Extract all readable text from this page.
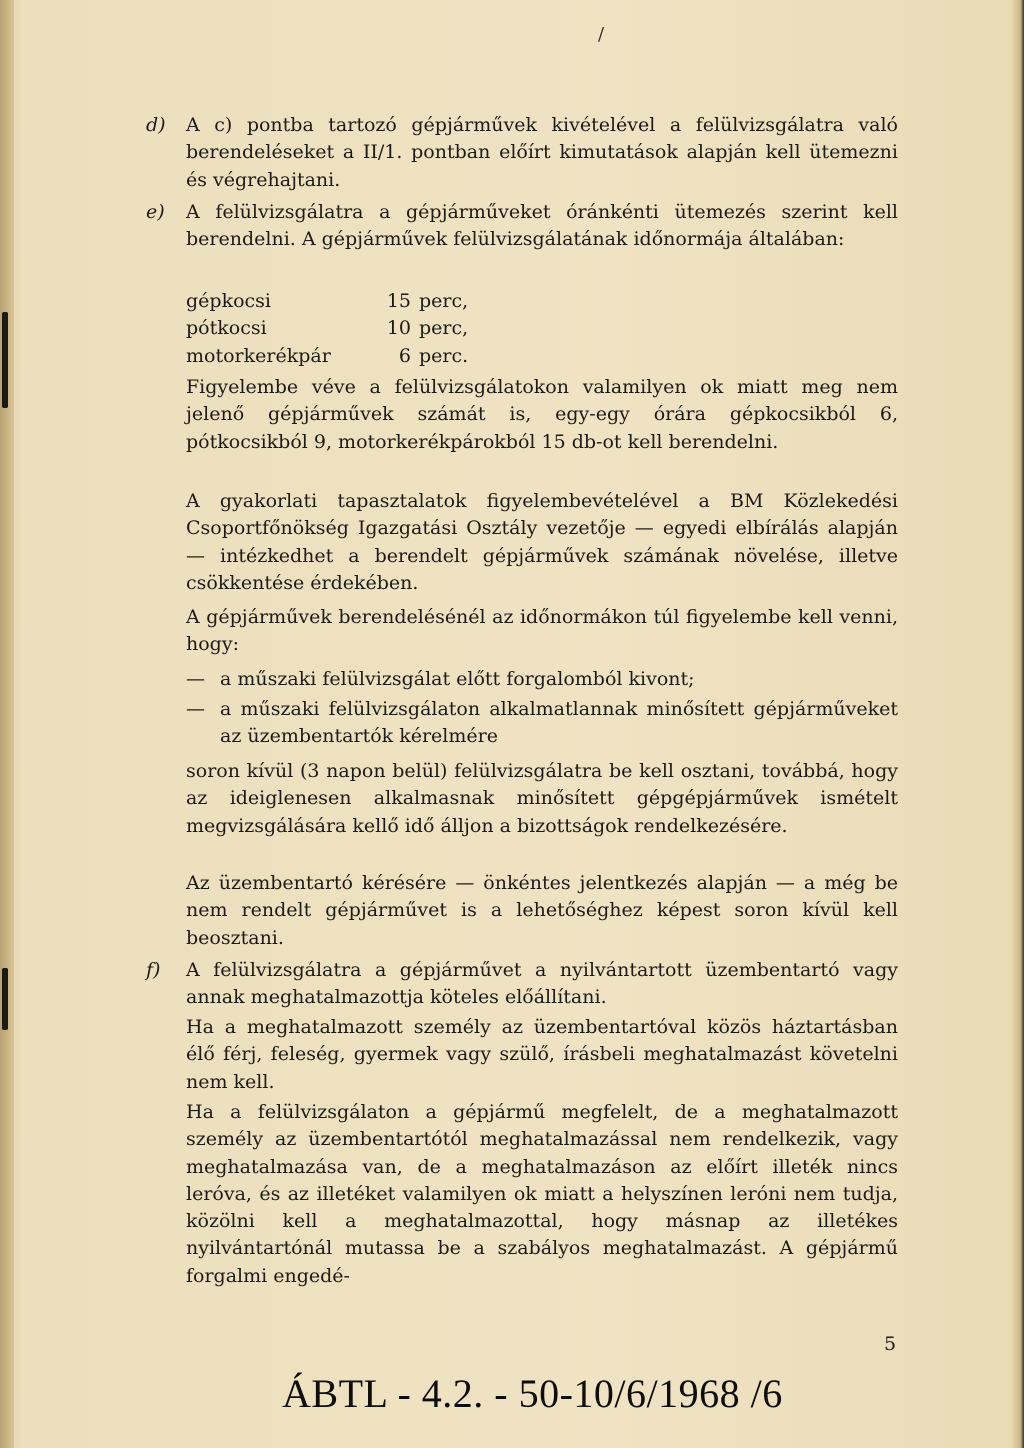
/
d) A c) pontba tartozó gépjárművek kivételével a felülvizsgálatra való berendeléseket a II/1. pontban előírt kimutatások alapján kell ütemezni és végrehajtani.

e) A felülvizsgálatra a gépjárműveket óránkénti ütemezés szerint kell berendelni. A gépjárművek felülvizsgálatának időnormája általában:

gépkocsi	15 perc,
pótkocsi	10 perc,
motorkerékpár	6 perc.

Figyelembe véve a felülvizsgálatokon valamilyen ok miatt meg nem jelenő gépjárművek számát is, egy-egy órára gépkocsikból 6, pótkocsikból 9, motorkerékpárokból 15 db-ot kell berendelni.

A gyakorlati tapasztalatok figyelembevételével a BM Közlekedési Csoportfőnökség Igazgatási Osztály vezetője — egyedi elbírálás alapján — intézkedhet a berendelt gépjárművek számának növelése, illetve csökkentése érdekében.

A gépjárművek berendelésénél az időnormákon túl figyelembe kell venni, hogy:

— a műszaki felülvizsgálat előtt forgalomból kivont;

— a műszaki felülvizsgálaton alkalmatlannak minősített gépjárműveket az üzembentartók kérelmére

soron kívül (3 napon belül) felülvizsgálatra be kell osztani, továbbá, hogy az ideiglenesen alkalmasnak minősített gépgépjárművek ismételt megvizsgálására kellő idő álljon a bizottságok rendelkezésére.

Az üzembentartó kérésére — önkéntes jelentkezés alapján — a még be nem rendelt gépjárművet is a lehetőséghez képest soron kívül kell beosztani.

f) A felülvizsgálatra a gépjárművet a nyilvántartott üzembentartó vagy annak meghatalmazottja köteles előállítani.

Ha a meghatalmazott személy az üzembentartóval közös háztartásban élő férj, feleség, gyermek vagy szülő, írásbeli meghatalmazást követelni nem kell.

Ha a felülvizsgálaton a gépjármű megfelelt, de a meghatalmazott személy az üzembentartótól meghatalmazással nem rendelkezik, vagy meghatalmazása van, de a meghatalmazáson az előírt illeték nincs leróva, és az illetéket valamilyen ok miatt a helyszínen leróni nem tudja, közölni kell a meghatalmazottal, hogy másnap az illetékes nyilvántartónál mutassa be a szabályos meghatalmazást. A gépjármű forgalmi engedé-

5
ÁBTL - 4.2. - 50-10/6/1968 /6
